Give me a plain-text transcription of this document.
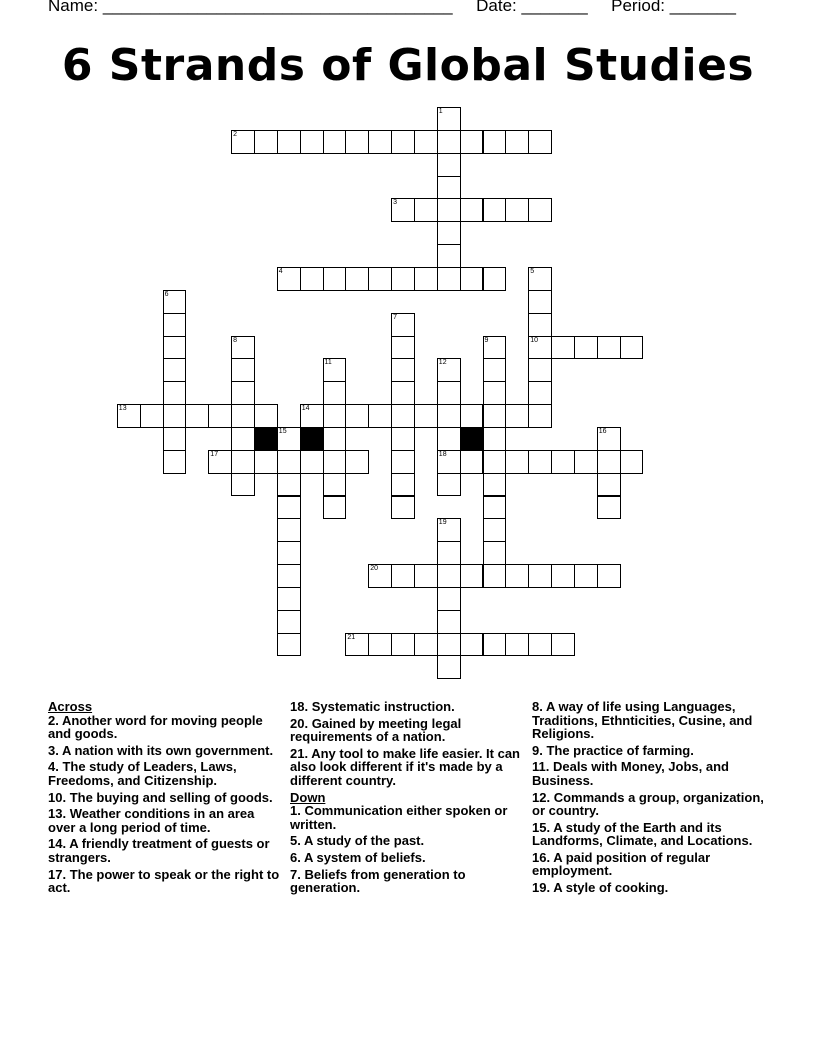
Name: _____________________________________ Date: _______ Period: _______
6 Strands of Global Studies
1
2
3
4	5
10
6
7
8	9
11	12
18
13	14
15	16
17
19
20
21
Across
2. Another word for moving people and goods.
3. A nation with its own government.
4. The study of Leaders, Laws, Freedoms, and Citizenship.
10. The buying and selling of goods.
13. Weather conditions in an area over a long period of time.
14. A friendly treatment of guests or strangers.
17. The power to speak or the right to act.
18. Systematic instruction.
20. Gained by meeting legal requirements of a nation.
21. Any tool to make life easier. It can also look different if it's made by a different country.
Down
1. Communication either spoken or written.
5. A study of the past.
6. A system of beliefs.
7. Beliefs from generation to generation.
8. A way of life using Languages, Traditions, Ethnticities, Cusine, and Religions.
9. The practice of farming.
11. Deals with Money, Jobs, and Business.
12. Commands a group, organization, or country.
15. A study of the Earth and its Landforms, Climate, and Locations.
16. A paid position of regular employment.
19. A style of cooking.
